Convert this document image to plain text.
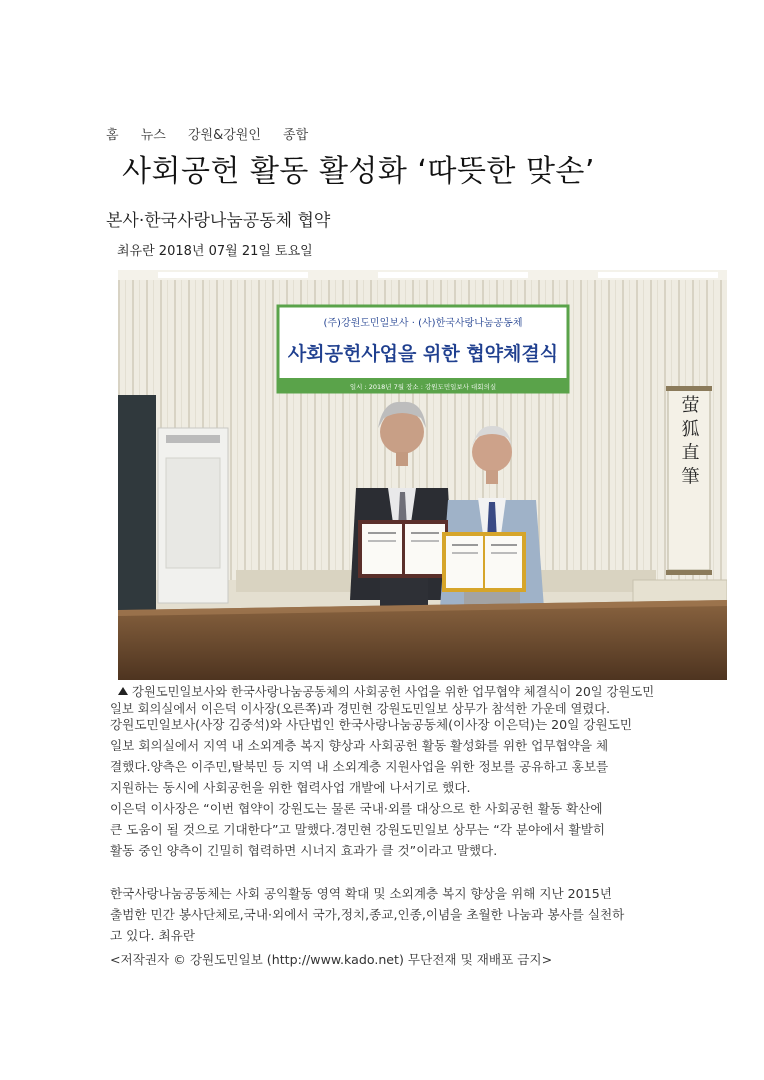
홈 뉴스 강원&강원인 종합
사회공헌 활동 활성화 ‘따뜻한 맞손’
본사·한국사랑나눔공동체 협약
최유란 2018년 07월 21일 토요일
(주)강원도민일보사 · (사)한국사랑나눔공동체
사회공헌사업을 위한 협약체결식
일시 : 2018년 7월 장소 : 강원도민일보사 대회의실
萤 狐 直 筆
강원도민일보사와 한국사랑나눔공동체의 사회공헌 사업을 위한 업무협약 체결식이 20일 강원도민
일보 회의실에서 이은덕 이사장(오른쪽)과 경민현 강원도민일보 상무가 참석한 가운데 열렸다.
강원도민일보사(사장 김중석)와 사단법인 한국사랑나눔공동체(이사장 이은덕)는 20일 강원도민
일보 회의실에서 지역 내 소외계층 복지 향상과 사회공헌 활동 활성화를 위한 업무협약을 체
결했다.양측은 이주민,탈북민 등 지역 내 소외계층 지원사업을 위한 정보를 공유하고 홍보를
지원하는 동시에 사회공헌을 위한 협력사업 개발에 나서기로 했다.
이은덕 이사장은 “이번 협약이 강원도는 물론 국내·외를 대상으로 한 사회공헌 활동 확산에
큰 도움이 될 것으로 기대한다”고 말했다.경민현 강원도민일보 상무는 “각 분야에서 활발히
활동 중인 양측이 긴밀히 협력하면 시너지 효과가 클 것”이라고 말했다.
한국사랑나눔공동체는 사회 공익활동 영역 확대 및 소외계층 복지 향상을 위해 지난 2015년
출범한 민간 봉사단체로,국내·외에서 국가,정치,종교,인종,이념을 초월한 나눔과 봉사를 실천하
고 있다. 최유란
<저작권자 © 강원도민일보 (http://www.kado.net) 무단전재 및 재배포 금지>
